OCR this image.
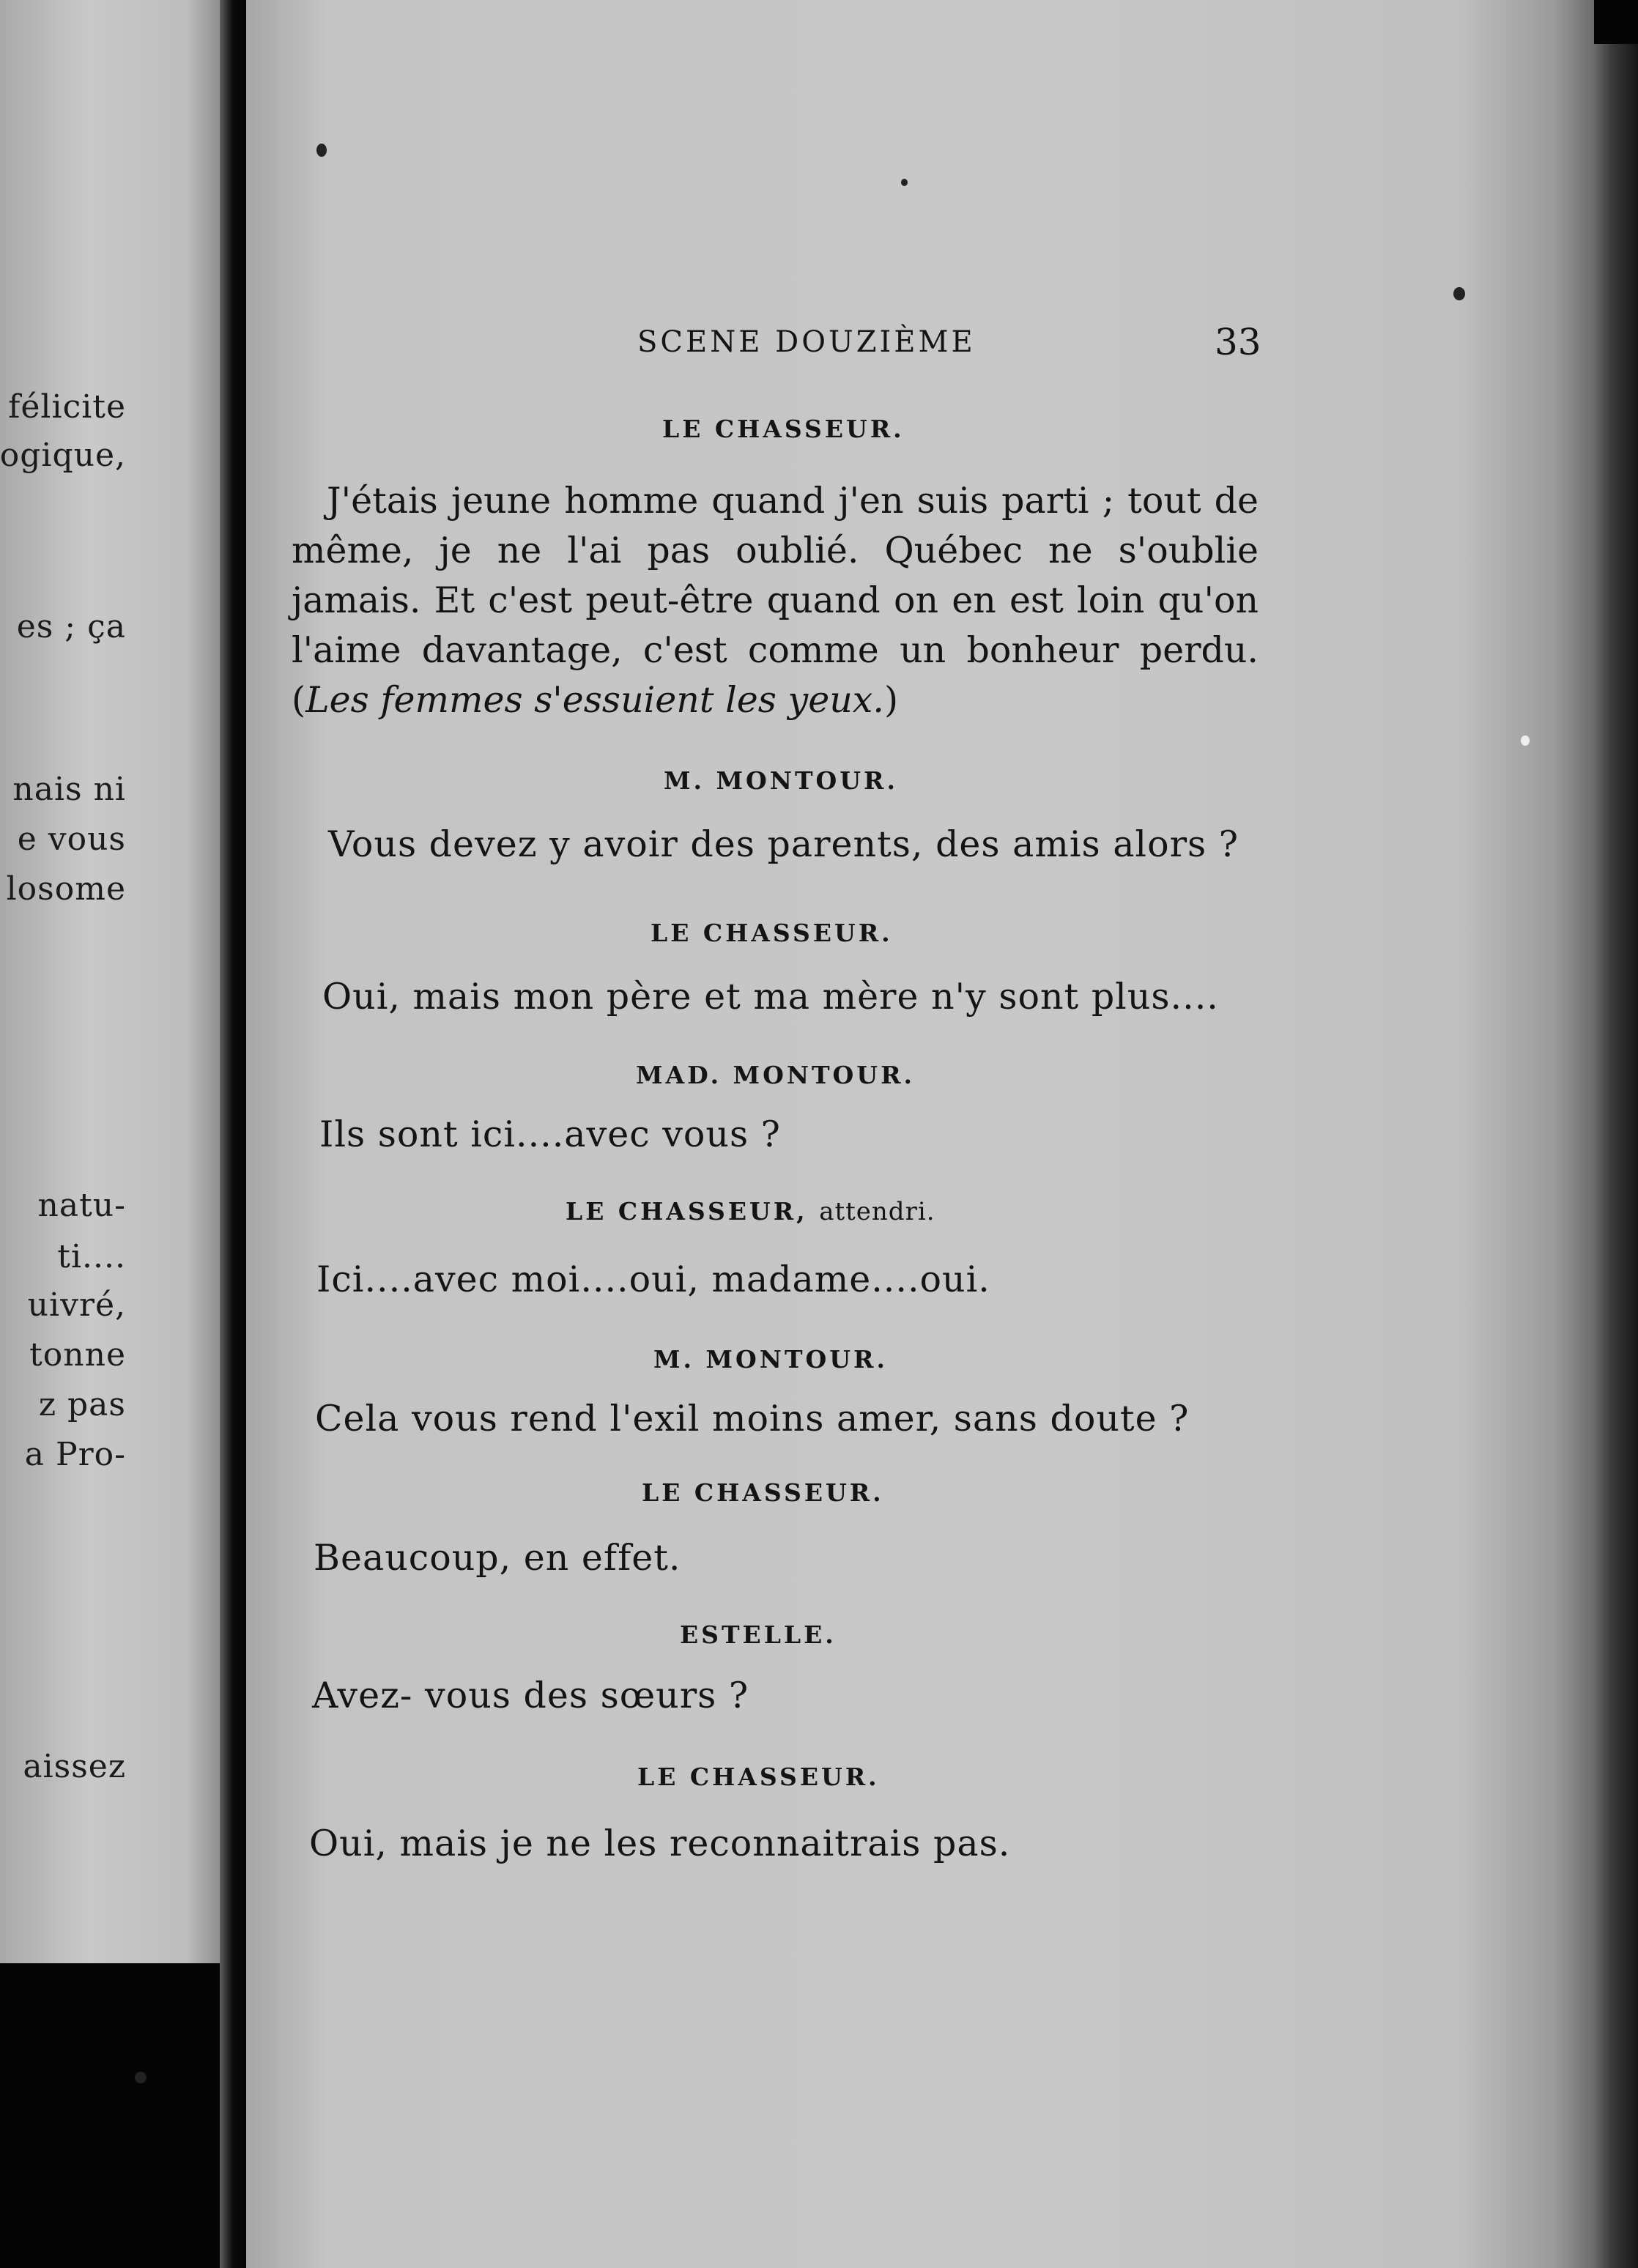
félicite
ogique,
es ; ça
nais ni
e vous
losome
natu-
ti....
uivré,
tonne
z pas
a Pro-
aissez
SCENE DOUZIÈME	33
LE CHASSEUR.
J'étais jeune homme quand j'en suis parti ; tout de même, je ne l'ai pas oublié. Québec ne s'oublie jamais. Et c'est peut-être quand on en est loin qu'on l'aime davantage, c'est comme un bonheur perdu. (Les femmes s'essuient les yeux.)
M. MONTOUR.
Vous devez y avoir des parents, des amis alors ?
LE CHASSEUR.
Oui, mais mon père et ma mère n'y sont plus....
MAD. MONTOUR.
Ils sont ici....avec vous ?
LE CHASSEUR, attendri.
Ici....avec moi....oui, madame....oui.
M. MONTOUR.
Cela vous rend l'exil moins amer, sans doute ?
LE CHASSEUR.
Beaucoup, en effet.
ESTELLE.
Avez- vous des sœurs ?
LE CHASSEUR.
Oui, mais je ne les reconnaitrais pas.
